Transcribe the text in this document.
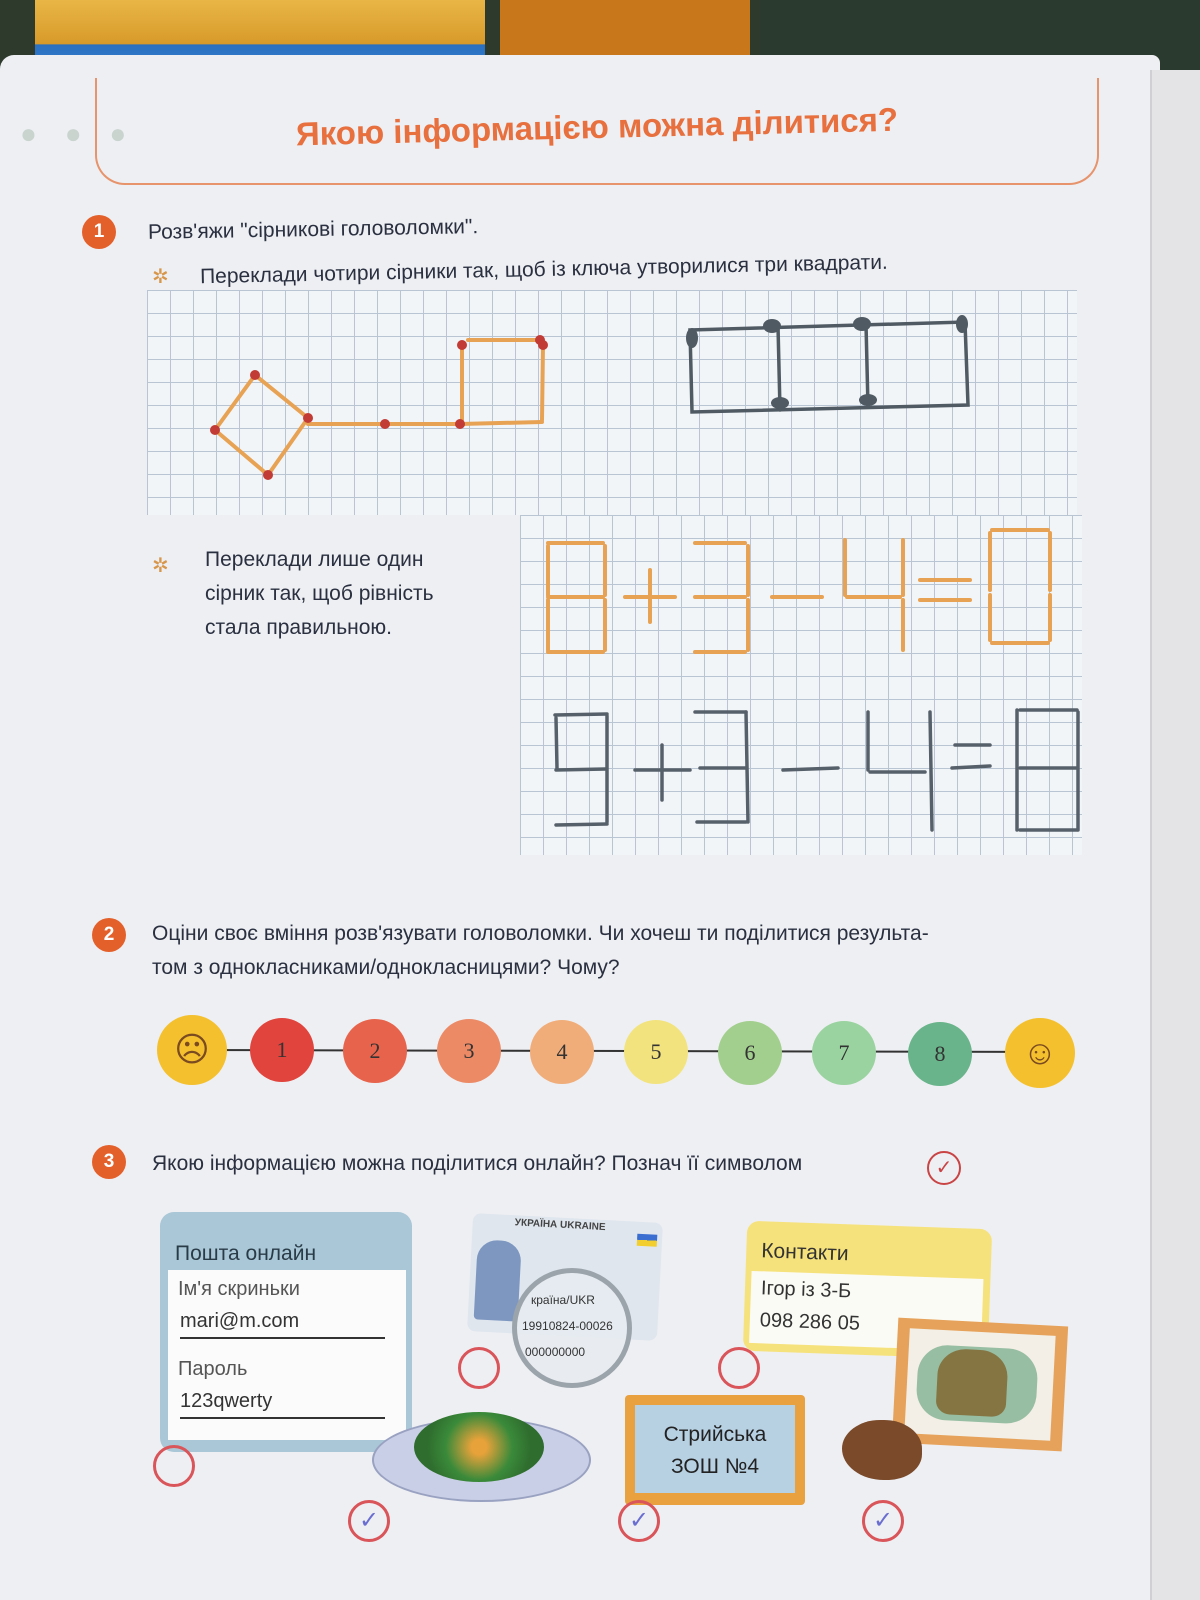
● ● ●	Якою інформацією можна ділитися?
1	Розв'яжи "сірникові головоломки".
✲ Переклади чотири сірники так, щоб із ключа утворилися три квадрати.
✲ Переклади лише один
сірник так, щоб рівність
стала правильною.
2	Оціни своє вміння розв'язувати головоломки. Чи хочеш ти поділитися результа-
том з однокласниками/однокласницями? Чому?
☹	1	2	3	4	5	6	7	8	☺
3	Якою інформацією можна поділитися онлайн? Познач її символом	✓
Пошта онлайн
Ім'я скриньки
mari@m.com
Пароль
123qwerty
УКРАЇНА UKRAINE
країна/UKR
19910824-00026
000000000
Контакти
Ігор із 3-Б
098 286 05
Стрийська
ЗОШ №4
✓	✓	✓
